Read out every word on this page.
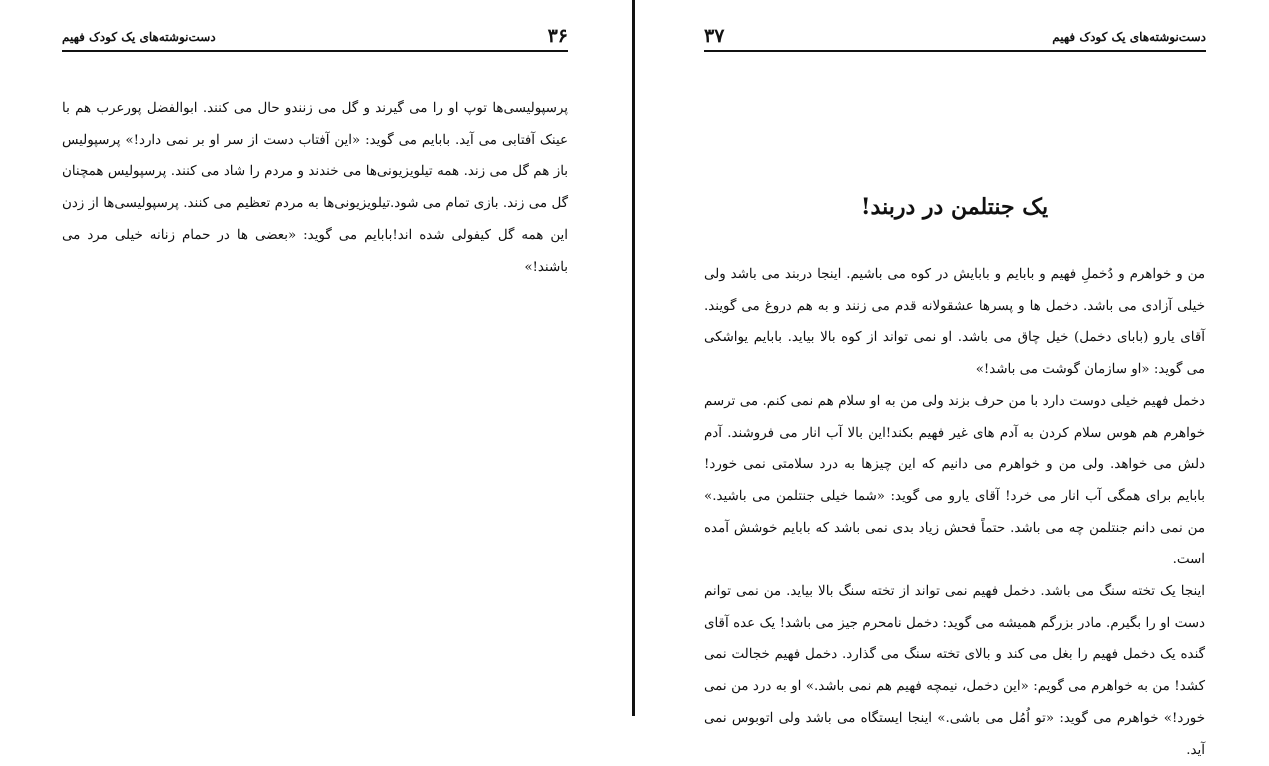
دست‌نوشته‌های یک کودک فهیم	۳۶

پرسپولیسی‌ها توپ او را می گیرند و گل می زنندو حال می کنند. ابوالفضل پورعرب هم با عینک آفتابی می آید. بابایم می گوید: «این آفتاب دست از سر او بر نمی دارد!» پرسپولیس باز هم گل می زند. همه تیلویزیونی‌ها می خندند و مردم را شاد می کنند. پرسپولیس همچنان گل می زند. بازی تمام می شود.تیلویزیونی‌ها به مردم تعظیم می کنند. پرسپولیسی‌ها از زدن این همه گل کیفولی شده اند!بابایم می گوید: «بعضی ها در حمام زنانه خیلی مرد می باشند!»

۳۷	دست‌نوشته‌های یک کودک فهیم
یک جنتلمن در دربند!

من و خواهرم و دُخملِ فهیم و بابایم و بابایش در کوه می باشیم. اینجا دربند می باشد ولی خیلی آزادی می باشد. دخمل ها و پسرها عشقولانه قدم می زنند و به هم دروغ می گویند. آقای یارو (بابای دخمل) خیل چاق می باشد. او نمی تواند از کوه بالا بیاید. بابایم یواشکی می گوید: «او سازمان گوشت می باشد!»

دخمل فهیم خیلی دوست دارد با من حرف بزند ولی من به او سلام هم نمی کنم. می ترسم خواهرم هم هوس سلام کردن به آدم های غیر فهیم بکند!این بالا آب انار می فروشند. آدم دلش می خواهد. ولی من و خواهرم می دانیم که این چیزها به درد سلامتی نمی خورد! بابایم برای همگی آب انار می خرد! آقای یارو می گوید: «شما خیلی جنتلمن می باشید.» من نمی دانم جنتلمن چه می باشد. حتماً فحش زیاد بدی نمی باشد که بابایم خوشش آمده است.

اینجا یک تخته سنگ می باشد. دخمل فهیم نمی تواند از تخته سنگ بالا بیاید. من نمی توانم دست او را بگیرم. مادر بزرگم همیشه می گوید: دخمل نامحرم جیز می باشد! یک عده آقای گنده یک دخمل فهیم را بغل می کند و بالای تخته سنگ می گذارد. دخمل فهیم خجالت نمی کشد! من به خواهرم می گویم: «این دخمل، نیمچه فهیم هم نمی باشد.» او به درد من نمی خورد!» خواهرم می گوید: «تو اُمُل می باشی.» اینجا ایستگاه می باشد ولی اتوبوس نمی آید.
